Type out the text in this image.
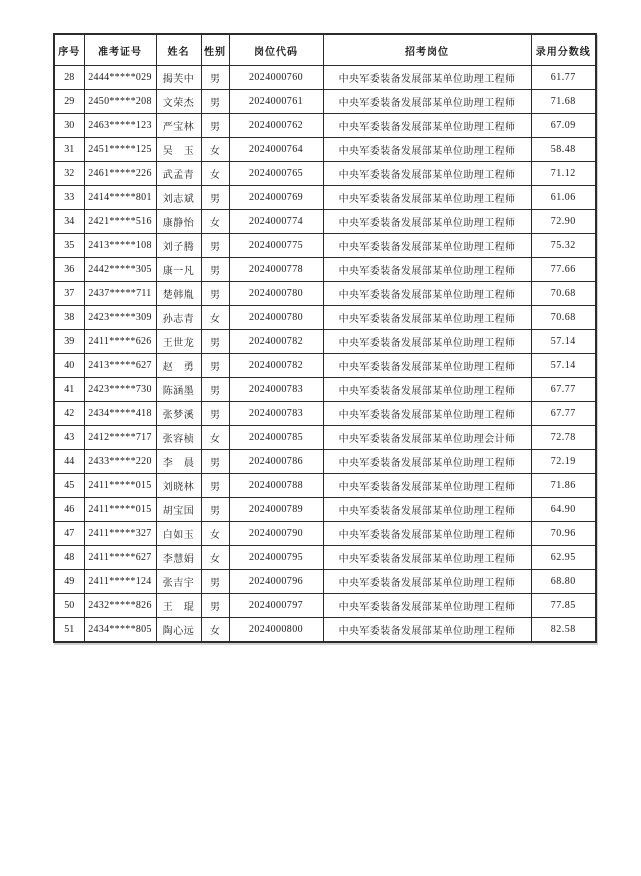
序号	准考证号	姓名	性别	岗位代码	招考岗位	录用分数线
28	2444*****029	揭芙中	男	2024000760	中央军委装备发展部某单位助理工程师	61.77
29	2450*****208	文荣杰	男	2024000761	中央军委装备发展部某单位助理工程师	71.68
30	2463*****123	严宝林	男	2024000762	中央军委装备发展部某单位助理工程师	67.09
31	2451*****125	吴　玉	女	2024000764	中央军委装备发展部某单位助理工程师	58.48
32	2461*****226	武孟青	女	2024000765	中央军委装备发展部某单位助理工程师	71.12
33	2414*****801	刘志斌	男	2024000769	中央军委装备发展部某单位助理工程师	61.06
34	2421*****516	康静怡	女	2024000774	中央军委装备发展部某单位助理工程师	72.90
35	2413*****108	刘子腾	男	2024000775	中央军委装备发展部某单位助理工程师	75.32
36	2442*****305	康一凡	男	2024000778	中央军委装备发展部某单位助理工程师	77.66
37	2437*****711	楚韩胤	男	2024000780	中央军委装备发展部某单位助理工程师	70.68
38	2423*****309	孙志青	女	2024000780	中央军委装备发展部某单位助理工程师	70.68
39	2411*****626	王世龙	男	2024000782	中央军委装备发展部某单位助理工程师	57.14
40	2413*****627	赵　勇	男	2024000782	中央军委装备发展部某单位助理工程师	57.14
41	2423*****730	陈涵墨	男	2024000783	中央军委装备发展部某单位助理工程师	67.77
42	2434*****418	张梦溪	男	2024000783	中央军委装备发展部某单位助理工程师	67.77
43	2412*****717	张容桢	女	2024000785	中央军委装备发展部某单位助理会计师	72.78
44	2433*****220	李　晨	男	2024000786	中央军委装备发展部某单位助理工程师	72.19
45	2411*****015	刘晓林	男	2024000788	中央军委装备发展部某单位助理工程师	71.86
46	2411*****015	胡宝国	男	2024000789	中央军委装备发展部某单位助理工程师	64.90
47	2411*****327	白如玉	女	2024000790	中央军委装备发展部某单位助理工程师	70.96
48	2411*****627	李慧娟	女	2024000795	中央军委装备发展部某单位助理工程师	62.95
49	2411*****124	张吉宇	男	2024000796	中央军委装备发展部某单位助理工程师	68.80
50	2432*****826	王　琨	男	2024000797	中央军委装备发展部某单位助理工程师	77.85
51	2434*****805	陶心远	女	2024000800	中央军委装备发展部某单位助理工程师	82.58
